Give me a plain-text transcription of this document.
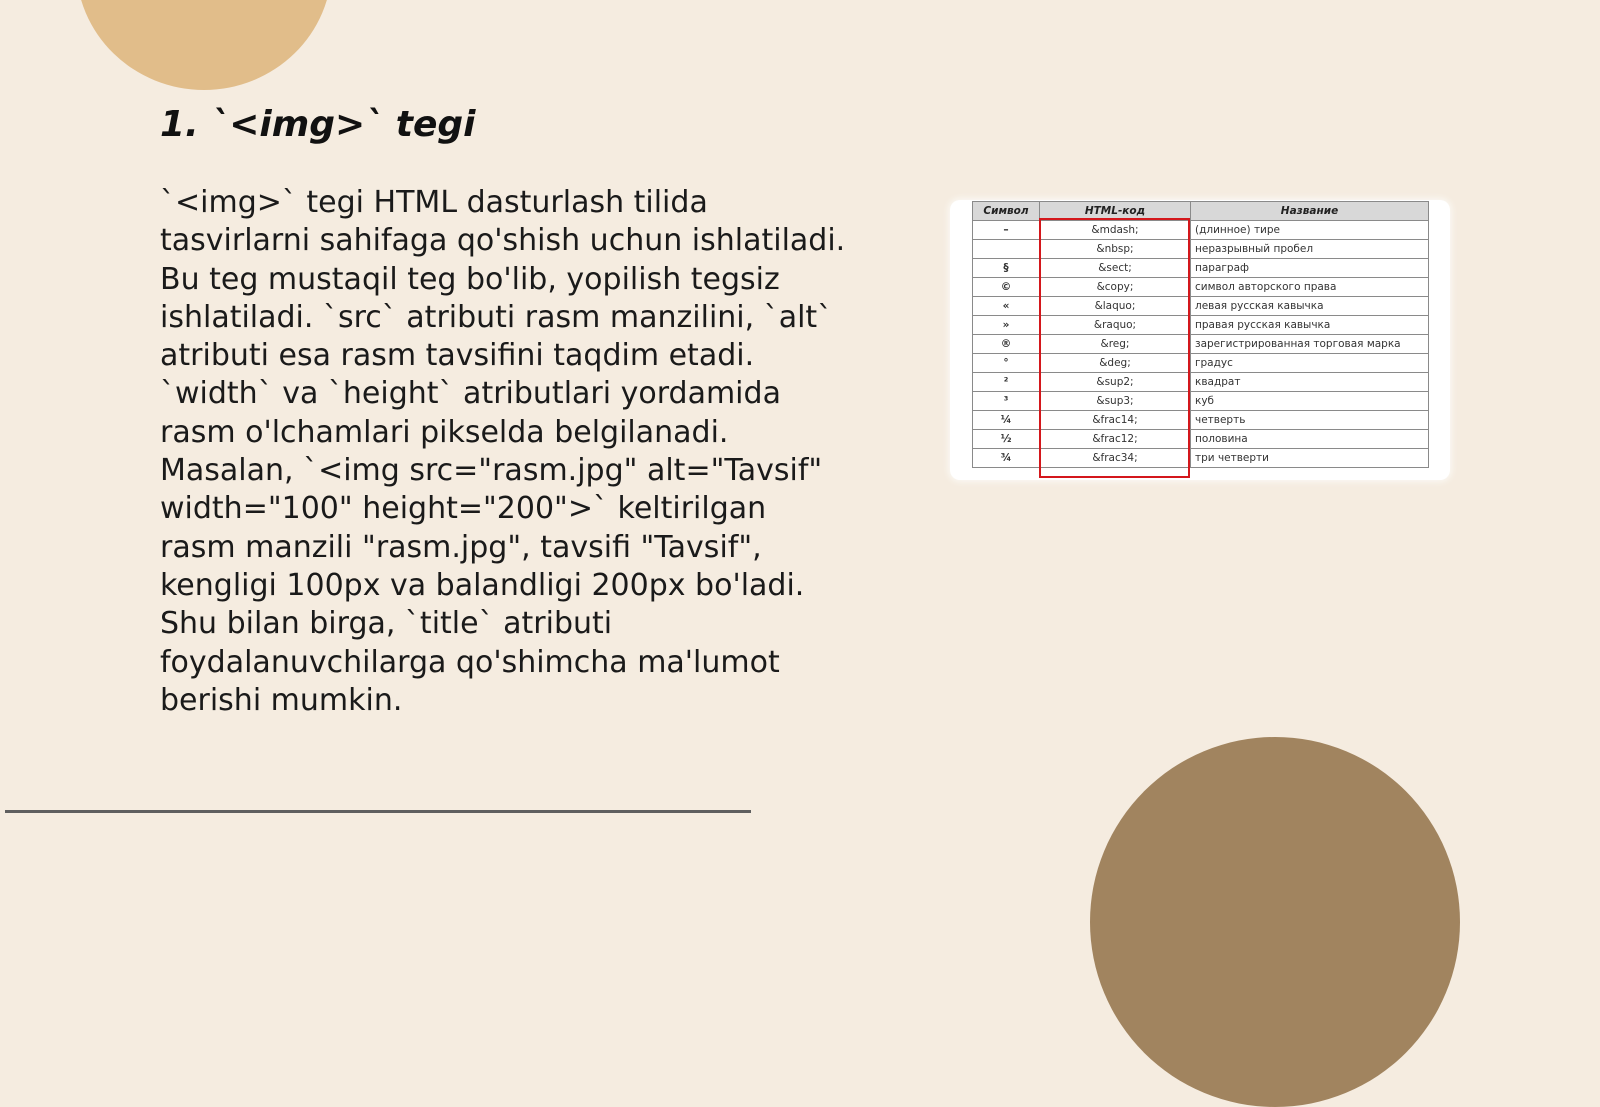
1. `<img>` tegi

`<img>` tegi HTML dasturlash tilida tasvirlarni sahifaga qo'shish uchun ishlatiladi. Bu teg mustaqil teg bo'lib, yopilish tegsiz ishlatiladi. `src` atributi rasm manzilini, `alt` atributi esa rasm tavsifini taqdim etadi. `width` va `height` atributlari yordamida rasm o'lchamlari pikselda belgilanadi. Masalan, `<img src="rasm.jpg" alt="Tavsif" width="100" height="200">` keltirilgan rasm manzili "rasm.jpg", tavsifi "Tavsif", kengligi 100px va balandligi 200px bo'ladi. Shu bilan birga, `title` atributi foydalanuvchilarga qo'shimcha ma'lumot berishi mumkin.

Символ	HTML-код	Название
–	&mdash;	(длинное) тире
	&nbsp;	неразрывный пробел
§	&sect;	параграф
©	&copy;	символ авторского права
«	&laquo;	левая русская кавычка
»	&raquo;	правая русская кавычка
®	&reg;	зарегистрированная торговая марка
°	&deg;	градус
²	&sup2;	квадрат
³	&sup3;	куб
¼	&frac14;	четверть
½	&frac12;	половина
¾	&frac34;	три четверти
